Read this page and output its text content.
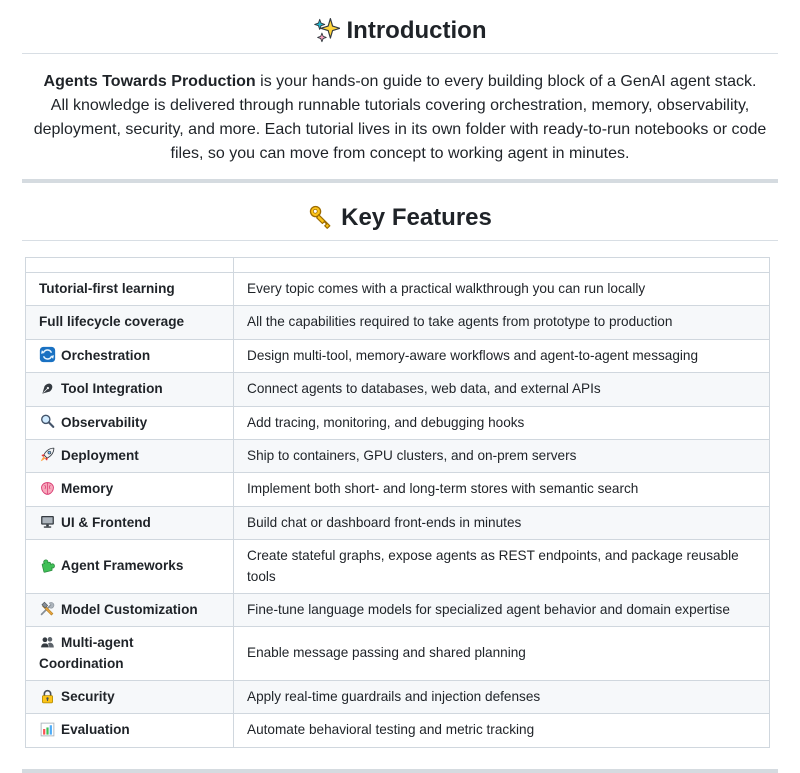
Introduction

Agents Towards Production is your hands-on guide to every building block of a GenAI agent stack.
All knowledge is delivered through runnable tutorials covering orchestration, memory, observability, deployment, security, and more. Each tutorial lives in its own folder with ready-to-run notebooks or code files, so you can move from concept to working agent in minutes.

Key Features

Tutorial-first learning	Every topic comes with a practical walkthrough you can run locally
Full lifecycle coverage	All the capabilities required to take agents from prototype to production
Orchestration	Design multi-tool, memory-aware workflows and agent-to-agent messaging
Tool Integration	Connect agents to databases, web data, and external APIs
Observability	Add tracing, monitoring, and debugging hooks
Deployment	Ship to containers, GPU clusters, and on-prem servers
Memory	Implement both short- and long-term stores with semantic search
UI & Frontend	Build chat or dashboard front-ends in minutes
Agent Frameworks	Create stateful graphs, expose agents as REST endpoints, and package reusable tools
Model Customization	Fine-tune language models for specialized agent behavior and domain expertise
Multi-agent Coordination	Enable message passing and shared planning
Security	Apply real-time guardrails and injection defenses
Evaluation	Automate behavioral testing and metric tracking
